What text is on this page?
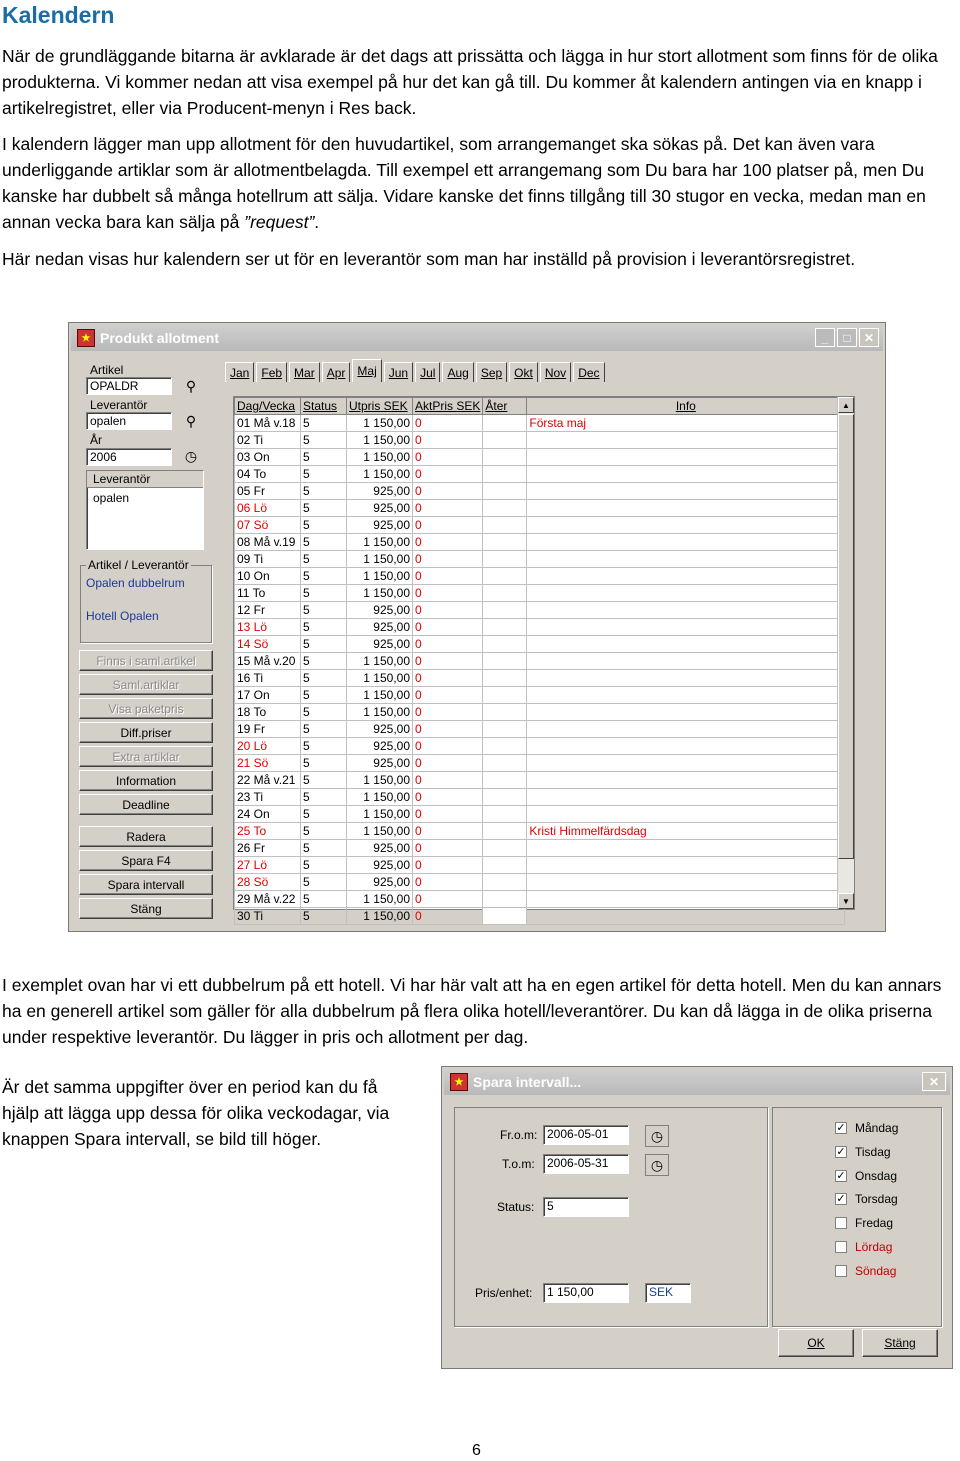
Kalendern

När de grundläggande bitarna är avklarade är det dags att prissätta och lägga in hur stort allotment som finns för de olika produkterna. Vi kommer nedan att visa exempel på hur det kan gå till. Du kommer åt kalendern antingen via en knapp i artikelregistret, eller via Producent-menyn i Res back.

I kalendern lägger man upp allotment för den huvudartikel, som arrangemanget ska sökas på. Det kan även vara underliggande artiklar som är allotmentbelagda. Till exempel ett arrangemang som Du bara har 100 platser på, men Du kanske har dubbelt så många hotellrum att sälja. Vidare kanske det finns tillgång till 30 stugor en vecka, medan man en annan vecka bara kan sälja på ”request”.

Här nedan visas hur kalendern ser ut för en leverantör som man har inställd på provision i leverantörsregistret.

★ Produkt allotment	_	□	✕
Artikel
OPALDR	⚲
Leverantör
opalen	⚲
År
2006	◷
Leverantör
opalen
Artikel / Leverantör
Opalen dubbelrum
Hotell Opalen
Finns i saml.artikel
Saml.artiklar
Visa paketpris
Diff.priser
Extra artiklar
Information
Deadline
Radera
Spara F4
Spara intervall
Stäng
Jan	Feb	Mar	Apr	Maj	Jun	Jul	Aug	Sep	Okt	Nov	Dec
Dag/Vecka	Status	Utpris SEK	AktPris SEK	Åter	Info
01 Må v.18	5	1 150,00	0		Första maj
02 Ti	5	1 150,00	0		
03 On	5	1 150,00	0		
04 To	5	1 150,00	0		
05 Fr	5	925,00	0		
06 Lö	5	925,00	0		
07 Sö	5	925,00	0		
08 Må v.19	5	1 150,00	0		
09 Ti	5	1 150,00	0		
10 On	5	1 150,00	0		
11 To	5	1 150,00	0		
12 Fr	5	925,00	0		
13 Lö	5	925,00	0		
14 Sö	5	925,00	0		
15 Må v.20	5	1 150,00	0		
16 Ti	5	1 150,00	0		
17 On	5	1 150,00	0		
18 To	5	1 150,00	0		
19 Fr	5	925,00	0		
20 Lö	5	925,00	0		
21 Sö	5	925,00	0		
22 Må v.21	5	1 150,00	0		
23 Ti	5	1 150,00	0		
24 On	5	1 150,00	0		
25 To	5	1 150,00	0		Kristi Himmelfärdsdag
26 Fr	5	925,00	0		
27 Lö	5	925,00	0		
28 Sö	5	925,00	0		
29 Må v.22	5	1 150,00	0		
30 Ti	5	1 150,00	0		
▲
▼

I exemplet ovan har vi ett dubbelrum på ett hotell. Vi har här valt att ha en egen artikel för detta hotell. Men du kan annars ha en generell artikel som gäller för alla dubbelrum på flera olika hotell/leverantörer. Du kan då lägga in de olika priserna under respektive leverantör. Du lägger in pris och allotment per dag.

Är det samma uppgifter över en period kan du få hjälp att lägga upp dessa för olika veckodagar, via knappen Spara intervall, se bild till höger.

★ Spara intervall...	✕
Fr.o.m: 2006-05-01	◷
T.o.m:	2006-05-31	◷
Status:	5
Pris/enhet:	1 150,00	SEK
✓ Måndag
✓ Tisdag
✓ Onsdag
✓ Torsdag
Fredag
Lördag
Söndag
OK	Stäng
6
